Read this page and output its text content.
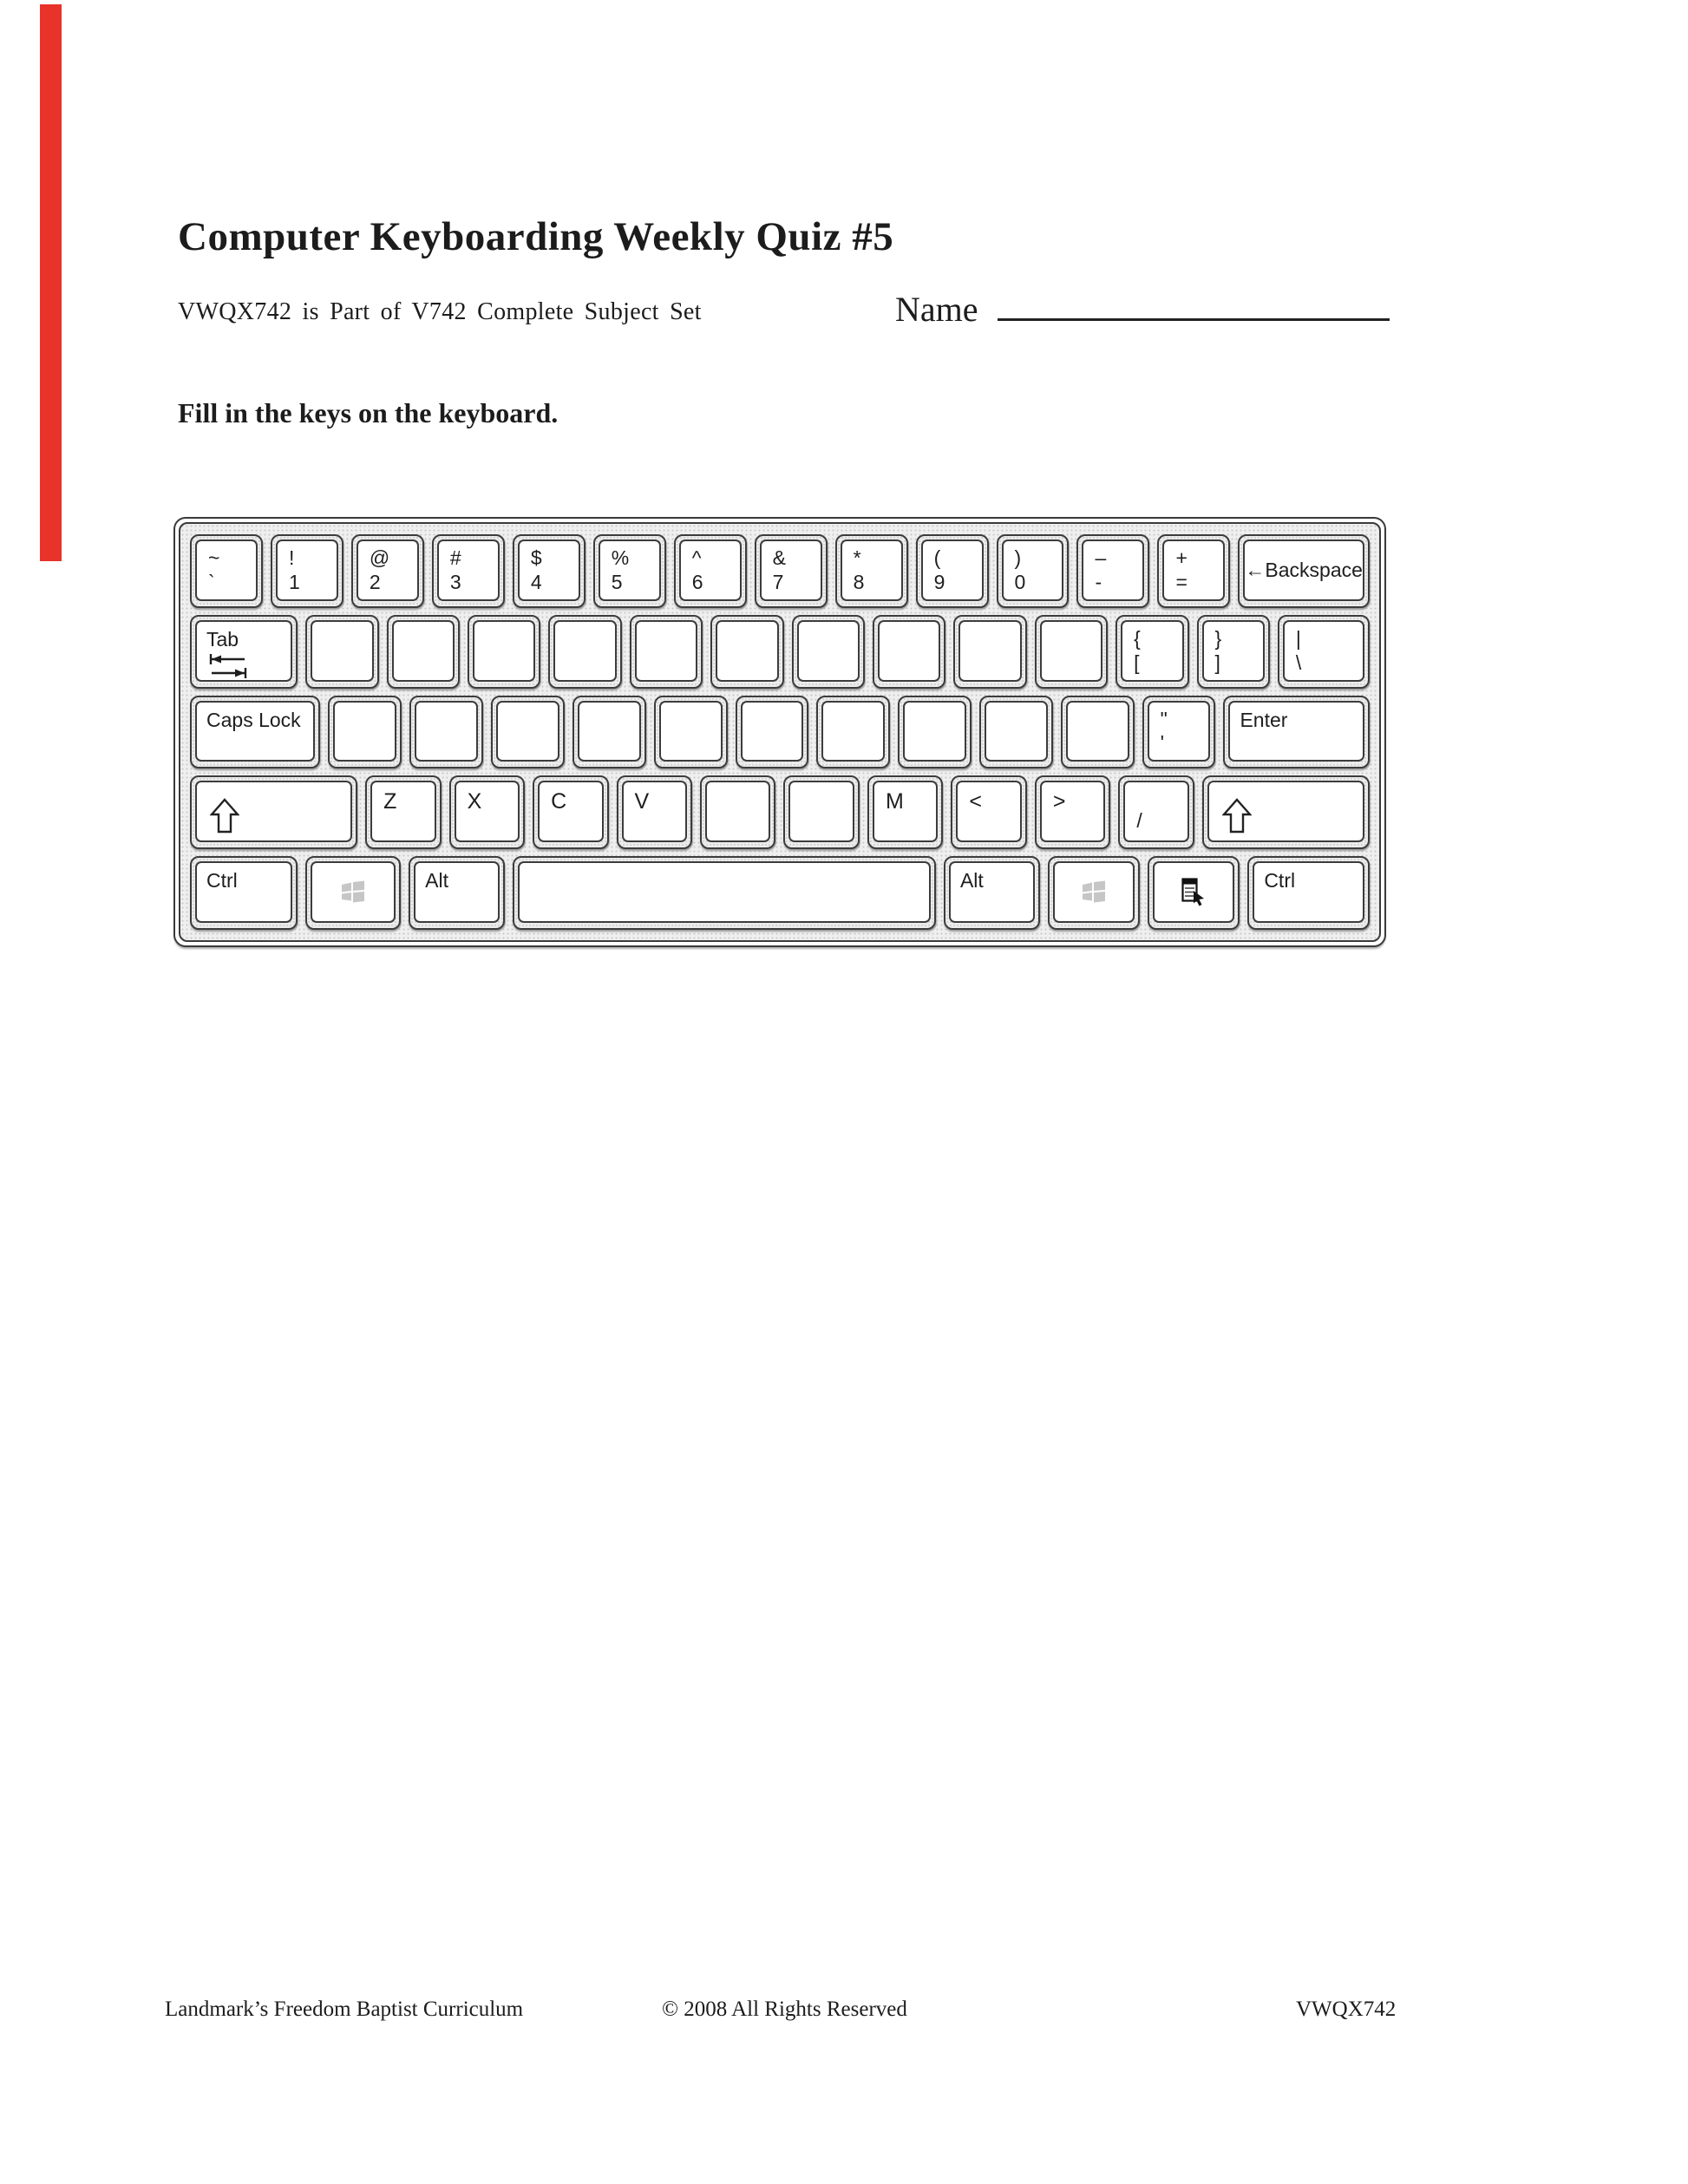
Computer Keyboarding Weekly Quiz #5
VWQX742 is Part of V742 Complete Subject Set	Name
Fill in the keys on the keyboard.
~
`
!
1
@
2
#
3
$
4
%
5
^
6
&
7
*
8
(
9
)
0
–
-
+
=
←Backspace
Tab	{
[
}
]
|
\
Caps Lock	"
'
Enter
Z	X	C	V	M	<	>
/
Ctrl	Alt	Alt	Ctrl
Landmark’s Freedom Baptist Curriculum	© 2008 All Rights Reserved	VWQX742
